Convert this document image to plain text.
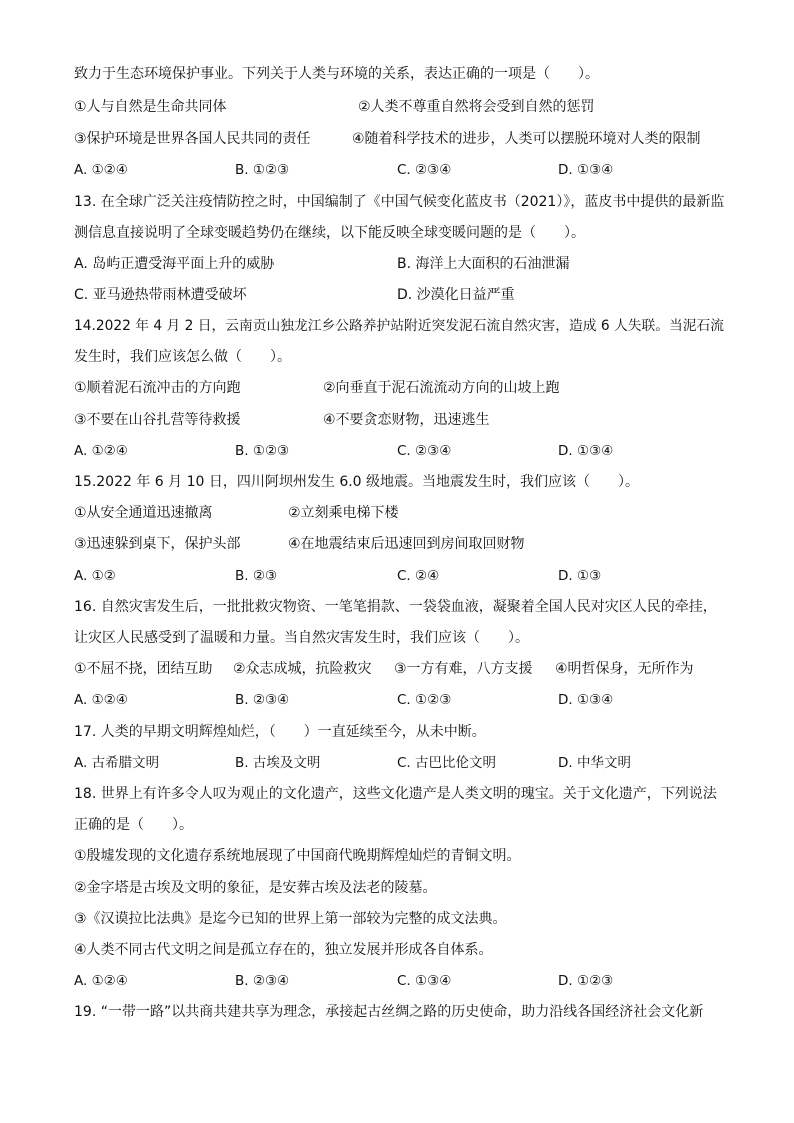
致力于生态环境保护事业。下列关于人类与环境的关系，表达正确的一项是（　　）。
①人与自然是生命共同体	②人类不尊重自然将会受到自然的惩罚
③保护环境是世界各国人民共同的责任	④随着科学技术的进步，人类可以摆脱环境对人类的限制
A. ①②④	B. ①②③	C. ②③④	D. ①③④
13. 在全球广泛关注疫情防控之时，中国编制了《中国气候变化蓝皮书（2021）》，蓝皮书中提供的最新监
测信息直接说明了全球变暖趋势仍在继续，以下能反映全球变暖问题的是（　　）。
A. 岛屿正遭受海平面上升的威胁	B. 海洋上大面积的石油泄漏
C. 亚马逊热带雨林遭受破坏	D. 沙漠化日益严重
14.2022 年 4 月 2 日，云南贡山独龙江乡公路养护站附近突发泥石流自然灾害，造成 6 人失联。当泥石流
发生时，我们应该怎么做（　　）。
①顺着泥石流冲击的方向跑	②向垂直于泥石流流动方向的山坡上跑
③不要在山谷扎营等待救援	④不要贪恋财物，迅速逃生
A. ①②④	B. ①②③	C. ②③④	D. ①③④
15.2022 年 6 月 10 日，四川阿坝州发生 6.0 级地震。当地震发生时，我们应该（　　）。
①从安全通道迅速撤离	②立刻乘电梯下楼
③迅速躲到桌下，保护头部	④在地震结束后迅速回到房间取回财物
A. ①②	B. ②③	C. ②④	D. ①③
16. 自然灾害发生后，一批批救灾物资、一笔笔捐款、一袋袋血液，凝聚着全国人民对灾区人民的牵挂，
让灾区人民感受到了温暖和力量。当自然灾害发生时，我们应该（　　）。
①不屈不挠，团结互助 ②众志成城，抗险救灾 ③一方有难，八方支援 ④明哲保身，无所作为
A. ①②④	B. ②③④	C. ①②③	D. ①③④
17. 人类的早期文明辉煌灿烂，（　　）一直延续至今，从未中断。
A. 古希腊文明	B. 古埃及文明	C. 古巴比伦文明	D. 中华文明
18. 世界上有许多令人叹为观止的文化遗产，这些文化遗产是人类文明的瑰宝。关于文化遗产，下列说法
正确的是（　　）。
①殷墟发现的文化遗存系统地展现了中国商代晚期辉煌灿烂的青铜文明。
②金字塔是古埃及文明的象征，是安葬古埃及法老的陵墓。
③《汉谟拉比法典》是迄今已知的世界上第一部较为完整的成文法典。
④人类不同古代文明之间是孤立存在的，独立发展并形成各自体系。
A. ①②④	B. ②③④	C. ①③④	D. ①②③
19. “一带一路”以共商共建共享为理念，承接起古丝绸之路的历史使命，助力沿线各国经济社会文化新
